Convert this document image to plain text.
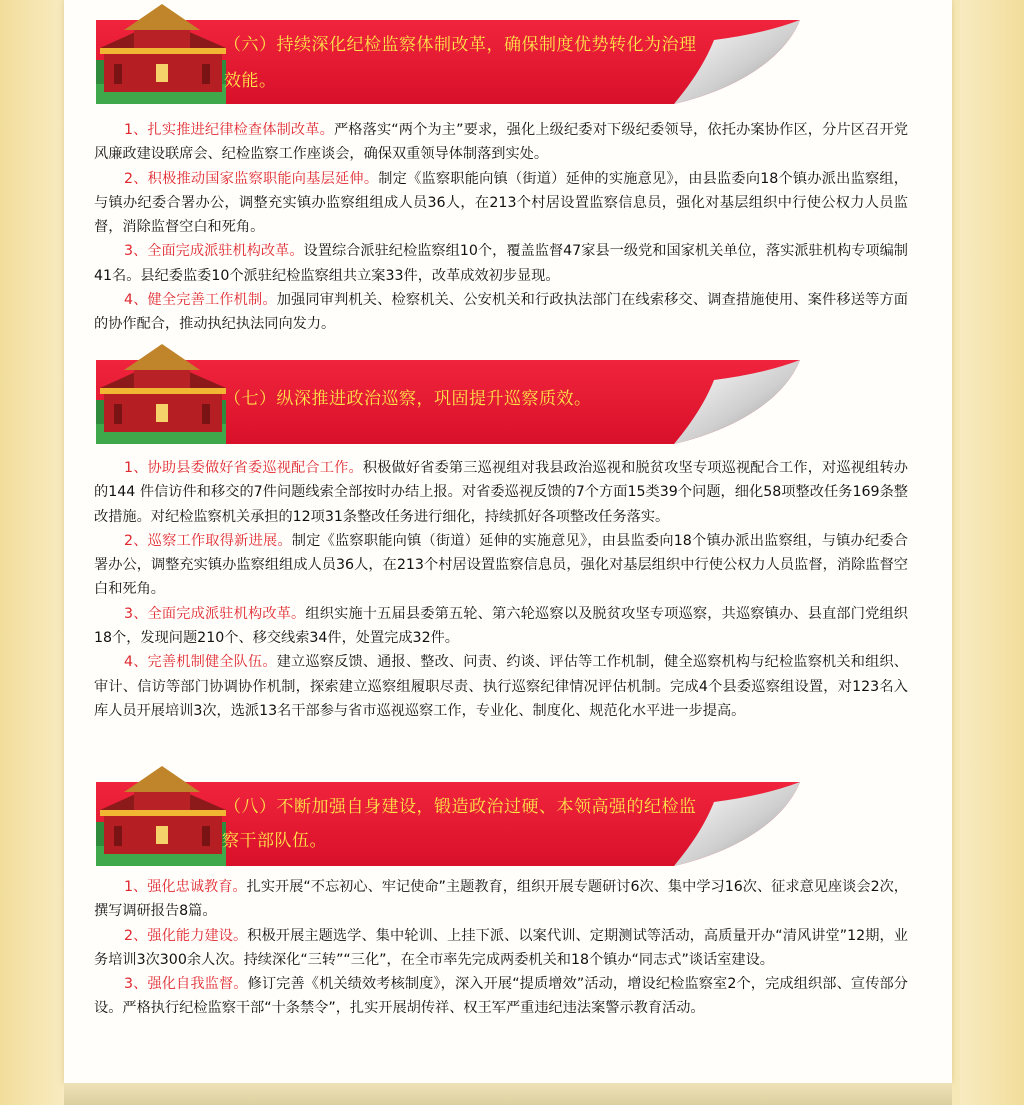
（六）持续深化纪检监察体制改革，确保制度优势转化为治理
效能。

1、扎实推进纪律检查体制改革。严格落实“两个为主”要求，强化上级纪委对下级纪委领导，依托办案协作区，分片区召开党风廉政建设联席会、纪检监察工作座谈会，确保双重领导体制落到实处。

2、积极推动国家监察职能向基层延伸。制定《监察职能向镇（街道）延伸的实施意见》，由县监委向18个镇办派出监察组，与镇办纪委合署办公，调整充实镇办监察组组成人员36人，在213个村居设置监察信息员，强化对基层组织中行使公权力人员监督，消除监督空白和死角。

3、全面完成派驻机构改革。设置综合派驻纪检监察组10个，覆盖监督47家县一级党和国家机关单位，落实派驻机构专项编制41名。县纪委监委10个派驻纪检监察组共立案33件，改革成效初步显现。

4、健全完善工作机制。加强同审判机关、检察机关、公安机关和行政执法部门在线索移交、调查措施使用、案件移送等方面的协作配合，推动执纪执法同向发力。

（七）纵深推进政治巡察，巩固提升巡察质效。

1、协助县委做好省委巡视配合工作。积极做好省委第三巡视组对我县政治巡视和脱贫攻坚专项巡视配合工作，对巡视组转办的144 件信访件和移交的7件问题线索全部按时办结上报。对省委巡视反馈的7个方面15类39个问题，细化58项整改任务169条整改措施。对纪检监察机关承担的12项31条整改任务进行细化，持续抓好各项整改任务落实。

2、巡察工作取得新进展。制定《监察职能向镇（街道）延伸的实施意见》，由县监委向18个镇办派出监察组，与镇办纪委合署办公，调整充实镇办监察组组成人员36人，在213个村居设置监察信息员，强化对基层组织中行使公权力人员监督，消除监督空白和死角。

3、全面完成派驻机构改革。组织实施十五届县委第五轮、第六轮巡察以及脱贫攻坚专项巡察，共巡察镇办、县直部门党组织18个，发现问题210个、移交线索34件，处置完成32件。

4、完善机制健全队伍。建立巡察反馈、通报、整改、问责、约谈、评估等工作机制，健全巡察机构与纪检监察机关和组织、审计、信访等部门协调协作机制，探索建立巡察组履职尽责、执行巡察纪律情况评估机制。完成4个县委巡察组设置，对123名入库人员开展培训3次，选派13名干部参与省市巡视巡察工作，专业化、制度化、规范化水平进一步提高。

（八）不断加强自身建设，锻造政治过硬、本领高强的纪检监
察干部队伍。

1、强化忠诚教育。扎实开展“不忘初心、牢记使命”主题教育，组织开展专题研讨6次、集中学习16次、征求意见座谈会2次，撰写调研报告8篇。

2、强化能力建设。积极开展主题选学、集中轮训、上挂下派、以案代训、定期测试等活动，高质量开办“清风讲堂”12期，业务培训3次300余人次。持续深化“三转”“三化”，在全市率先完成两委机关和18个镇办“同志式”谈话室建设。

3、强化自我监督。修订完善《机关绩效考核制度》，深入开展“提质增效”活动，增设纪检监察室2个，完成组织部、宣传部分设。严格执行纪检监察干部“十条禁令”，扎实开展胡传祥、权王军严重违纪违法案警示教育活动。
